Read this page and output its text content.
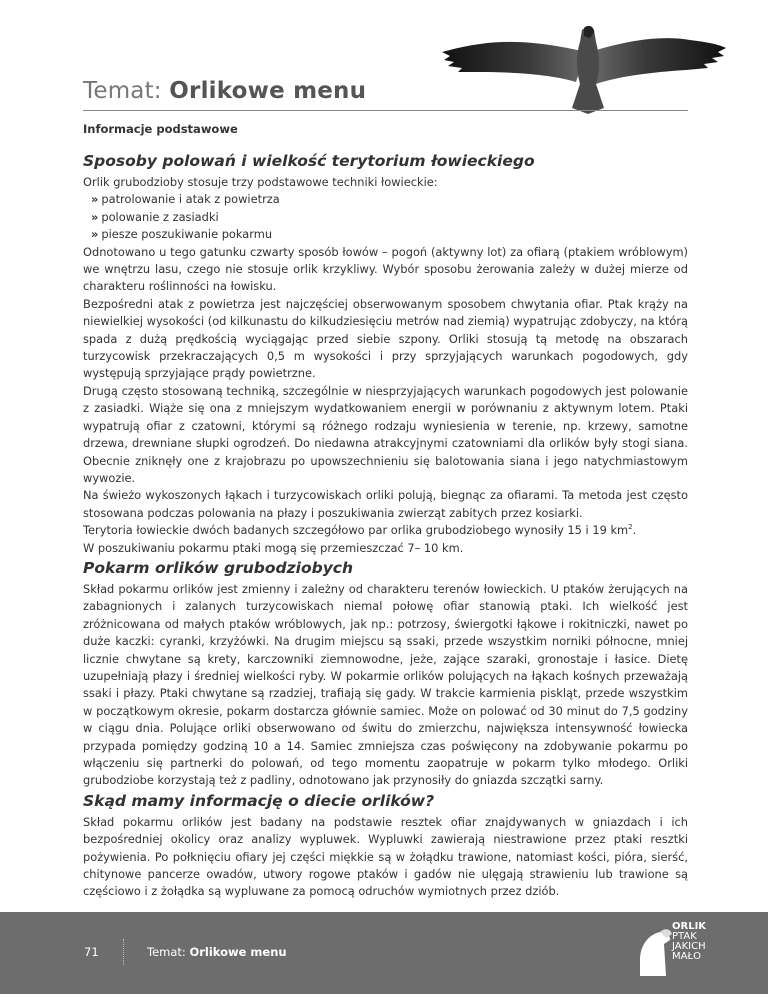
Temat: Orlikowe menu
Informacje podstawowe
Sposoby polowań i wielkość terytorium łowieckiego

Orlik grubodzioby stosuje trzy podstawowe techniki łowieckie:

» patrolowanie i atak z powietrza
» polowanie z zasiadki
» piesze poszukiwanie pokarmu

Odnotowano u tego gatunku czwarty sposób łowów – pogoń (aktywny lot) za ofiarą (ptakiem wróblowym) we wnętrzu lasu, czego nie stosuje orlik krzykliwy. Wybór sposobu żerowania zależy w dużej mierze od charakteru roślinności na łowisku.

Bezpośredni atak z powietrza jest najczęściej obserwowanym sposobem chwytania ofiar. Ptak krąży na niewielkiej wysokości (od kilkunastu do kilkudziesięciu metrów nad ziemią) wypatrując zdobyczy, na którą spada z dużą prędkością wyciągając przed siebie szpony. Orliki stosują tą metodę na obszarach turzycowisk przekraczających 0,5 m wysokości i przy sprzyjających warunkach pogodowych, gdy występują sprzyjające prądy powietrzne.

Drugą często stosowaną techniką, szczególnie w niesprzyjających warunkach pogodowych jest polowanie z zasiadki. Wiąże się ona z mniejszym wydatkowaniem energii w porównaniu z aktywnym lotem. Ptaki wypatrują ofiar z czatowni, którymi są różnego rodzaju wyniesienia w terenie, np. krzewy, samotne drzewa, drewniane słupki ogrodzeń. Do niedawna atrakcyjnymi czatowniami dla orlików były stogi siana. Obecnie zniknęły one z krajobrazu po upowszechnieniu się balotowania siana i jego natychmiastowym wywozie.

Na świeżo wykoszonych łąkach i turzycowiskach orliki polują, biegnąc za ofiarami. Ta metoda jest często stosowana podczas polowania na płazy i poszukiwania zwierząt zabitych przez kosiarki.

Terytoria łowieckie dwóch badanych szczegółowo par orlika grubodziobego wynosiły 15 i 19 $km^2$.

W poszukiwaniu pokarmu ptaki mogą się przemieszczać 7– 10 km.

Pokarm orlików grubodziobych

Skład pokarmu orlików jest zmienny i zależny od charakteru terenów łowieckich. U ptaków żerujących na zabagnionych i zalanych turzycowiskach niemal połowę ofiar stanowią ptaki. Ich wielkość jest zróżnicowana od małych ptaków wróblowych, jak np.: potrzosy, świergotki łąkowe i rokitniczki, nawet po duże kaczki: cyranki, krzyżówki. Na drugim miejscu są ssaki, przede wszystkim norniki północne, mniej licznie chwytane są krety, karczowniki ziemnowodne, jeże, zające szaraki, gronostaje i łasice. Dietę uzupełniają płazy i średniej wielkości ryby. W pokarmie orlików polujących na łąkach kośnych przeważają ssaki i płazy. Ptaki chwytane są rzadziej, trafiają się gady. W trakcie karmienia piskląt, przede wszystkim w początkowym okresie, pokarm dostarcza głównie samiec. Może on polować od 30 minut do 7,5 godziny w ciągu dnia. Polujące orliki obserwowano od świtu do zmierzchu, największa intensywność łowiecka przypada pomiędzy godziną 10 a 14. Samiec zmniejsza czas poświęcony na zdobywanie pokarmu po włączeniu się partnerki do polowań, od tego momentu zaopatruje w pokarm tylko młodego. Orliki grubodziobe korzystają też z padliny, odnotowano jak przynosiły do gniazda szczątki sarny.

Skąd mamy informację o diecie orlików?

Skład pokarmu orlików jest badany na podstawie resztek ofiar znajdywanych w gniazdach i ich bezpośredniej okolicy oraz analizy wypluwek. Wypluwki zawierają niestrawione przez ptaki resztki pożywienia. Po połknięciu ofiary jej części miękkie są w żołądku trawione, natomiast kości, pióra, sierść, chitynowe pancerze owadów, utwory rogowe ptaków i gadów nie ulęgają strawieniu lub trawione są częściowo i z żołądka są wypluwane za pomocą odruchów wymiotnych przez dziób.

71	Temat: Orlikowe menu
ORLIK
PTAK
JAKICH
MAŁO
